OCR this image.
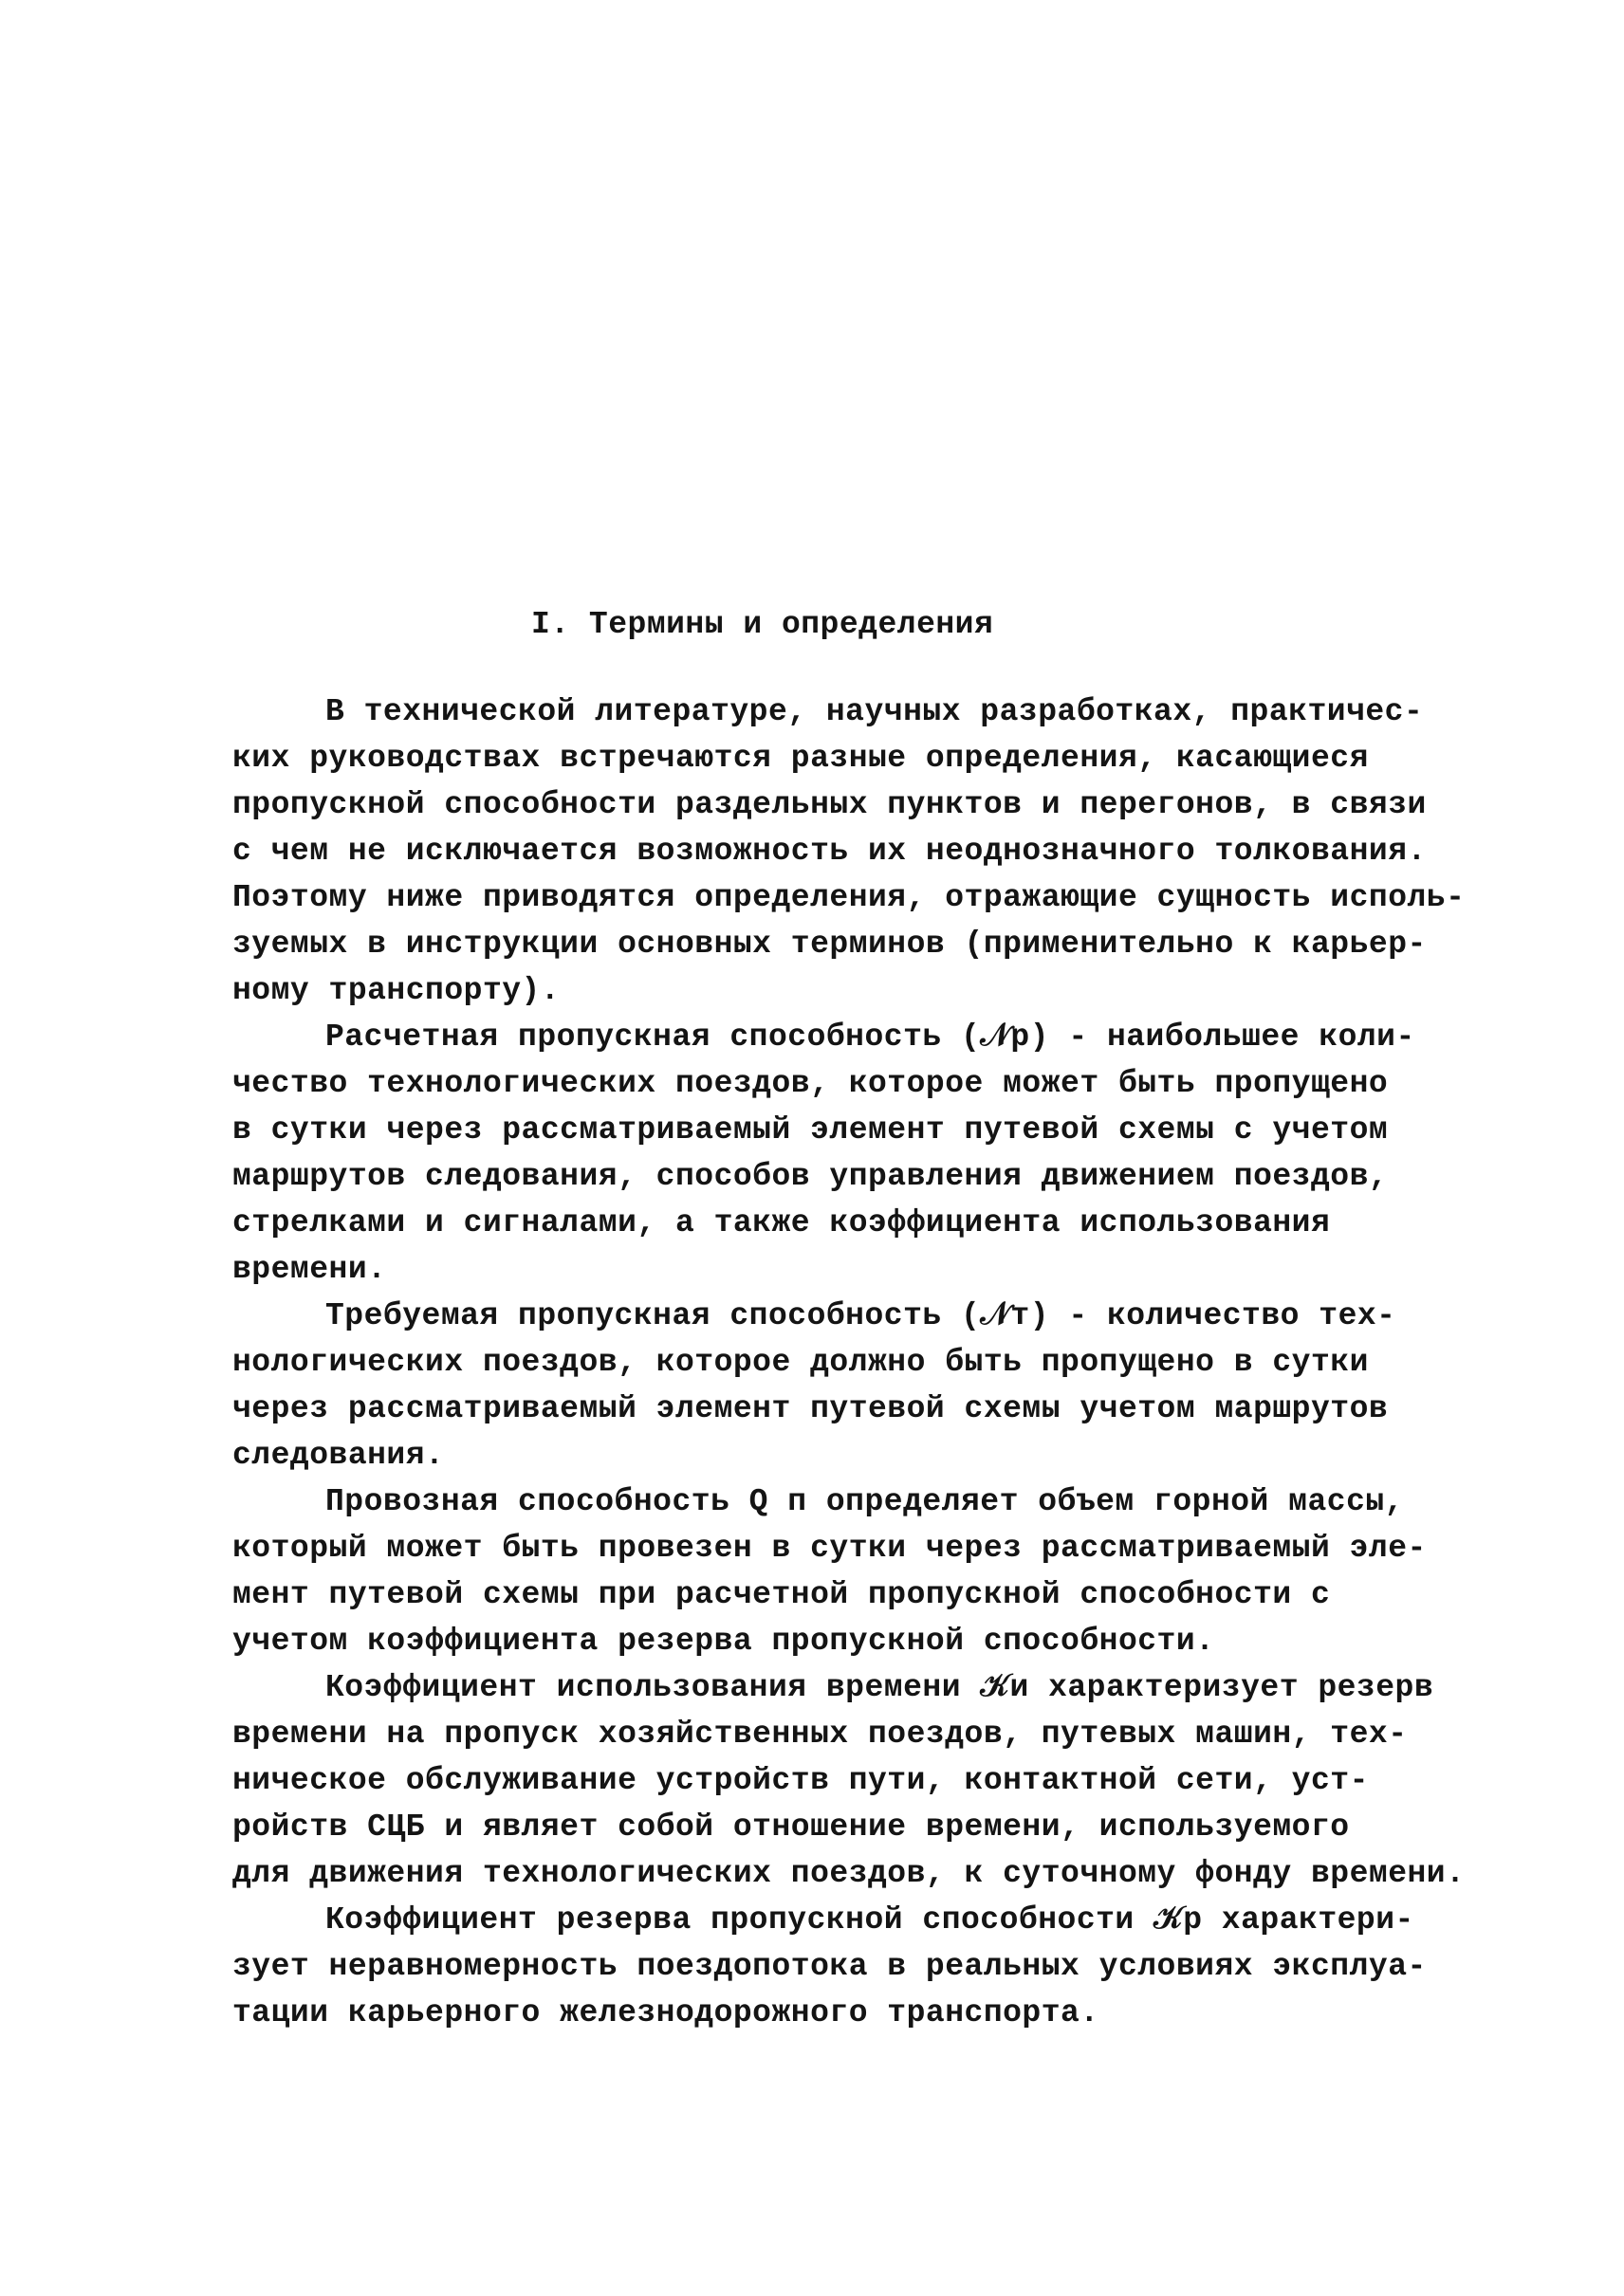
I. Термины и определения

В технической литературе, научных разработках, практичес-

ких руководствах встречаются разные определения, касающиеся

пропускной способности раздельных пунктов и перегонов, в связи

с чем не исключается возможность их неоднозначного толкования.

Поэтому ниже приводятся определения, отражающие сущность исполь-

зуемых в инструкции основных терминов (применительно к карьер-

ному транспорту).

Расчетная пропускная способность (𝒩р) - наибольшее коли-

чество технологических поездов, которое может быть пропущено

в сутки через рассматриваемый элемент путевой схемы с учетом

маршрутов следования, способов управления движением поездов,

стрелками и сигналами, а также коэффициента использования

времени.

Требуемая пропускная способность (𝒩т) - количество тех-

нологических поездов, которое должно быть пропущено в сутки

через рассматриваемый элемент путевой схемы учетом маршрутов

следования.

Провозная способность Q п определяет объем горной массы,

который может быть провезен в сутки через рассматриваемый эле-

мент путевой схемы при расчетной пропускной способности с

учетом коэффициента резерва пропускной способности.

Коэффициент использования времени 𝒦и характеризует резерв

времени на пропуск хозяйственных поездов, путевых машин, тех-

ническое обслуживание устройств пути, контактной сети, уст-

ройств СЦБ и являет собой отношение времени, используемого

для движения технологических поездов, к суточному фонду времени.

Коэффициент резерва пропускной способности 𝒦р характери-

зует неравномерность поездопотока в реальных условиях эксплуа-

тации карьерного железнодорожного транспорта.
